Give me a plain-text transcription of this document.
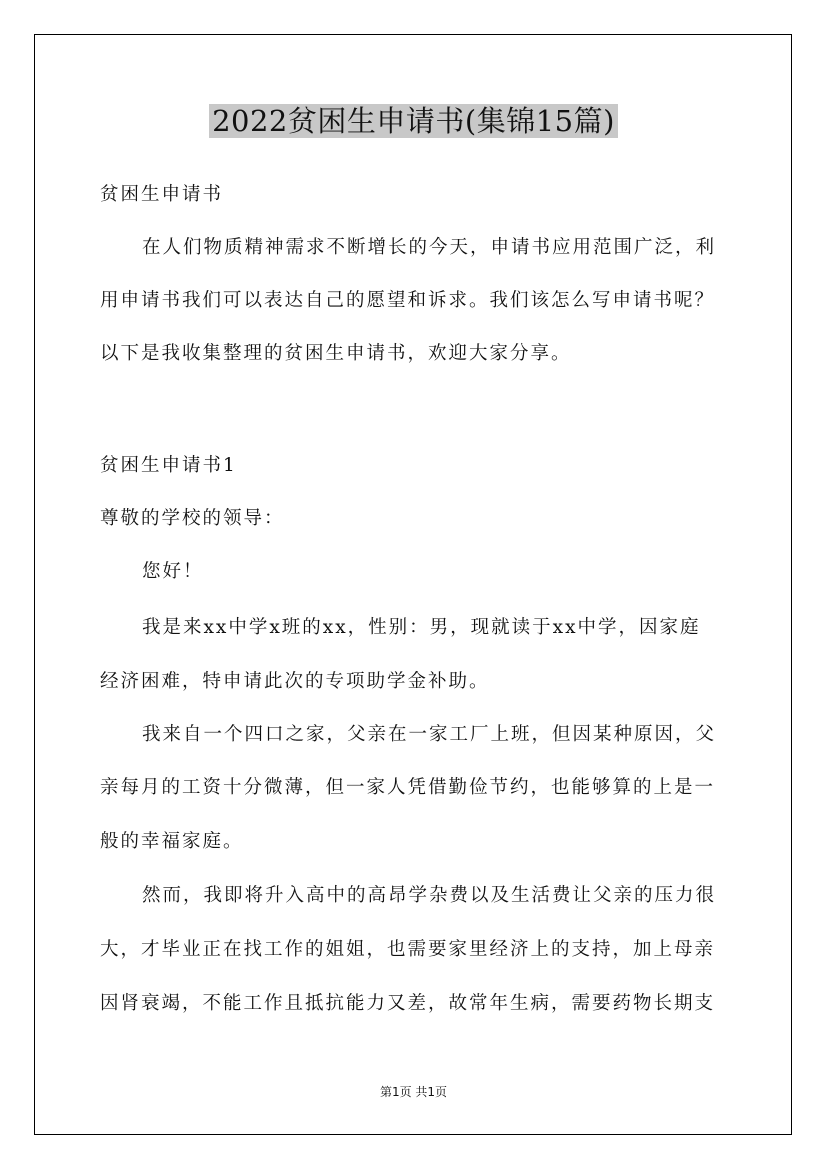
2022贫困生申请书(集锦15篇)
贫困生申请书
在人们物质精神需求不断增长的今天，申请书应用范围广泛，利
用申请书我们可以表达自己的愿望和诉求。我们该怎么写申请书呢？
以下是我收集整理的贫困生申请书，欢迎大家分享。
贫困生申请书1
尊敬的学校的领导：
您好！
我是来xx中学x班的xx，性别：男，现就读于xx中学，因家庭
经济困难，特申请此次的专项助学金补助。
我来自一个四口之家，父亲在一家工厂上班，但因某种原因，父
亲每月的工资十分微薄，但一家人凭借勤俭节约，也能够算的上是一
般的幸福家庭。
然而，我即将升入高中的高昂学杂费以及生活费让父亲的压力很
大，才毕业正在找工作的姐姐，也需要家里经济上的支持，加上母亲
因肾衰竭，不能工作且抵抗能力又差，故常年生病，需要药物长期支
第1页 共1页
